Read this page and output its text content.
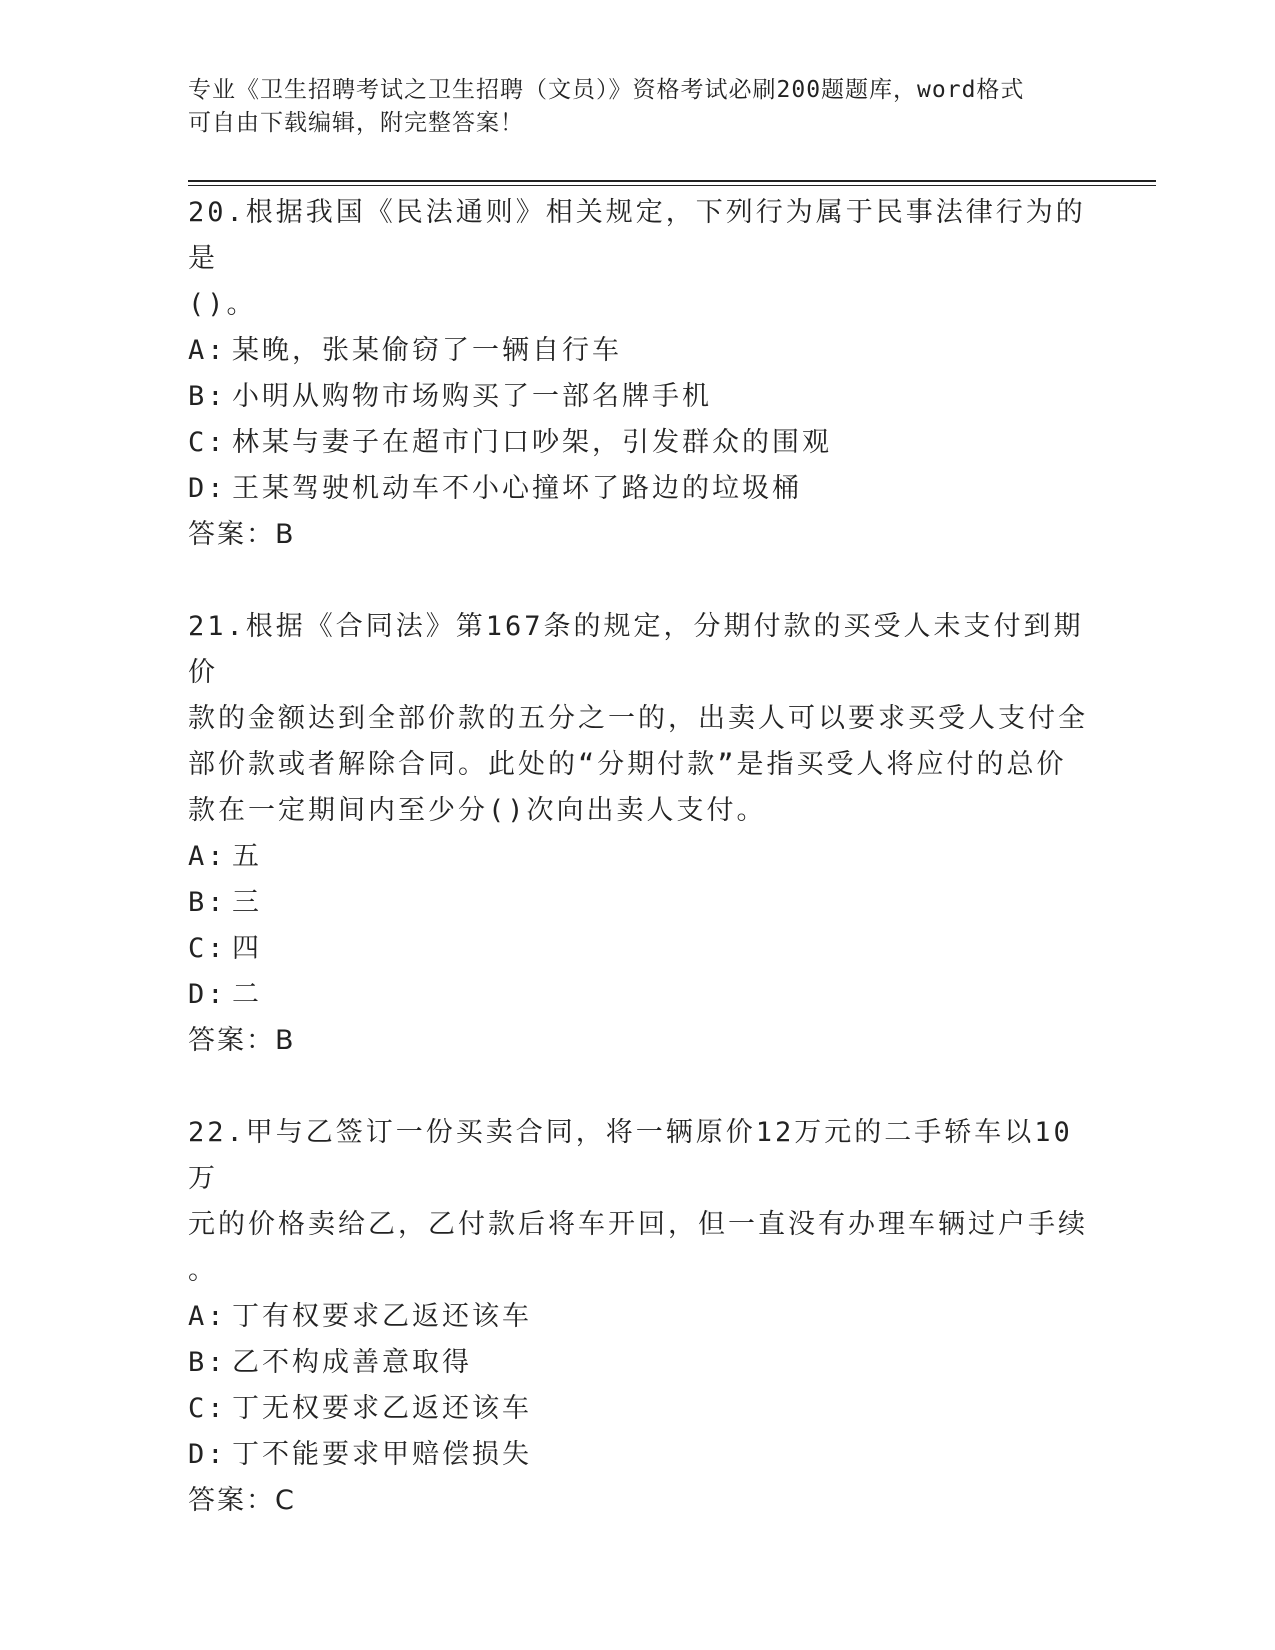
专业《卫生招聘考试之卫生招聘（文员）》资格考试必刷200题题库，word格式
可自由下载编辑，附完整答案！

20.根据我国《民法通则》相关规定，下列行为属于民事法律行为的是

()。

A: 某晚，张某偷窃了一辆自行车

B: 小明从购物市场购买了一部名牌手机

C: 林某与妻子在超市门口吵架，引发群众的围观

D: 王某驾驶机动车不小心撞坏了路边的垃圾桶

答案：B

21.根据《合同法》第167条的规定，分期付款的买受人未支付到期价

款的金额达到全部价款的五分之一的，出卖人可以要求买受人支付全

部价款或者解除合同。此处的“分期付款”是指买受人将应付的总价

款在一定期间内至少分()次向出卖人支付。

A: 五

B: 三

C: 四

D: 二

答案：B

22.甲与乙签订一份买卖合同，将一辆原价12万元的二手轿车以10万

元的价格卖给乙，乙付款后将车开回，但一直没有办理车辆过户手续

。

A: 丁有权要求乙返还该车

B: 乙不构成善意取得

C: 丁无权要求乙返还该车

D: 丁不能要求甲赔偿损失

答案：C
